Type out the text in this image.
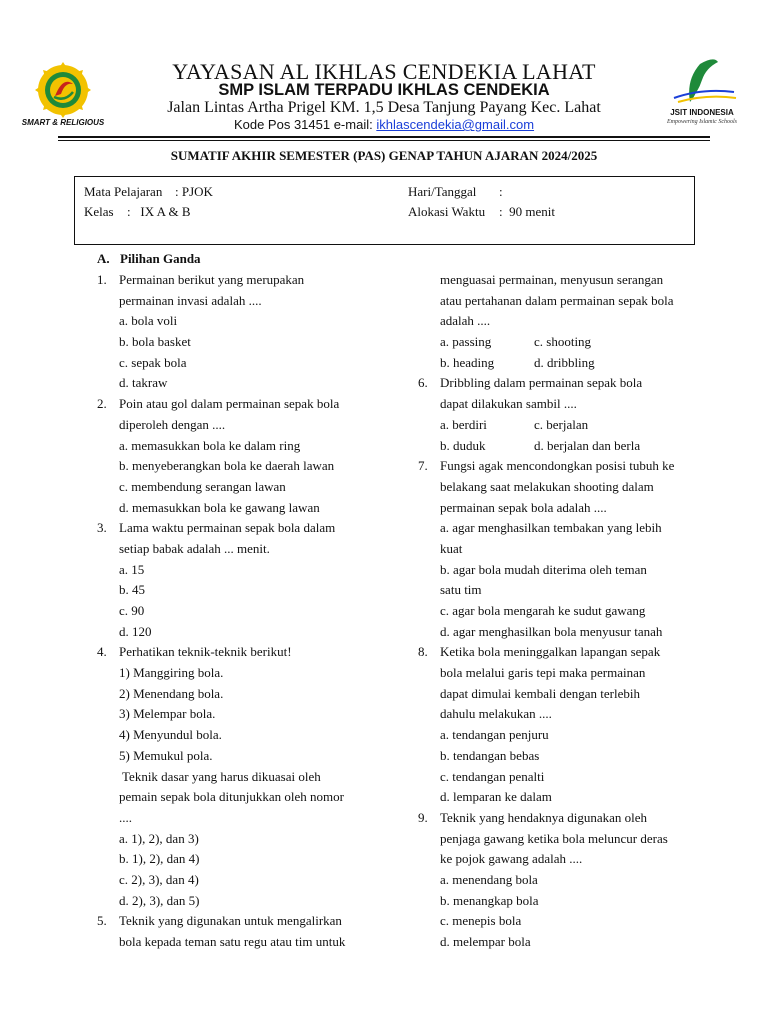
SMART & RELIGIOUS
YAYASAN AL IKHLAS CENDEKIA LAHAT
SMP ISLAM TERPADU IKHLAS CENDEKIA
Jalan Lintas Artha Prigel KM. 1,5 Desa Tanjung Payang Kec. Lahat
Kode Pos 31451 e-mail: ikhlascendekia@gmail.com
JSIT INDONESIA
Empowering Islamic Schools
SUMATIF AKHIR SEMESTER (PAS) GENAP TAHUN AJARAN 2024/2025
Mata Pelajaran : PJOK
Kelas :   IX A & B
Hari/Tanggal :
Alokasi Waktu :  90 menit
A. Pilihan Ganda
1. Permainan berikut yang merupakan
permainan invasi adalah ....
a. bola voli
b. bola basket
c. sepak bola
d. takraw
2. Poin atau gol dalam permainan sepak bola
diperoleh dengan ....
a. memasukkan bola ke dalam ring
b. menyeberangkan bola ke daerah lawan
c. membendung serangan lawan
d. memasukkan bola ke gawang lawan
3. Lama waktu permainan sepak bola dalam
setiap babak adalah ... menit.
a. 15
b. 45
c. 90
d. 120
4. Perhatikan teknik-teknik berikut!
1) Manggiring bola.
2) Menendang bola.
3) Melempar bola.
4) Menyundul bola.
5) Memukul pola.
Teknik dasar yang harus dikuasai oleh
pemain sepak bola ditunjukkan oleh nomor
....
a. 1), 2), dan 3)
b. 1), 2), dan 4)
c. 2), 3), dan 4)
d. 2), 3), dan 5)
5. Teknik yang digunakan untuk mengalirkan
bola kepada teman satu regu atau tim untuk
menguasai permainan, menyusun serangan
atau pertahanan dalam permainan sepak bola
adalah ....
a. passing	c. shooting
b. heading	d. dribbling
6. Dribbling dalam permainan sepak bola
dapat dilakukan sambil ....
a. berdiri	c. berjalan
b. duduk	d. berjalan dan berla
7. Fungsi agak mencondongkan posisi tubuh ke
belakang saat melakukan shooting dalam
permainan sepak bola adalah ....
a. agar menghasilkan tembakan yang lebih
kuat
b. agar bola mudah diterima oleh teman
satu tim
c. agar bola mengarah ke sudut gawang
d. agar menghasilkan bola menyusur tanah
8. Ketika bola meninggalkan lapangan sepak
bola melalui garis tepi maka permainan
dapat dimulai kembali dengan terlebih
dahulu melakukan ....
a. tendangan penjuru
b. tendangan bebas
c. tendangan penalti
d. lemparan ke dalam
9. Teknik yang hendaknya digunakan oleh
penjaga gawang ketika bola meluncur deras
ke pojok gawang adalah ....
a. menendang bola
b. menangkap bola
c. menepis bola
d. melempar bola
